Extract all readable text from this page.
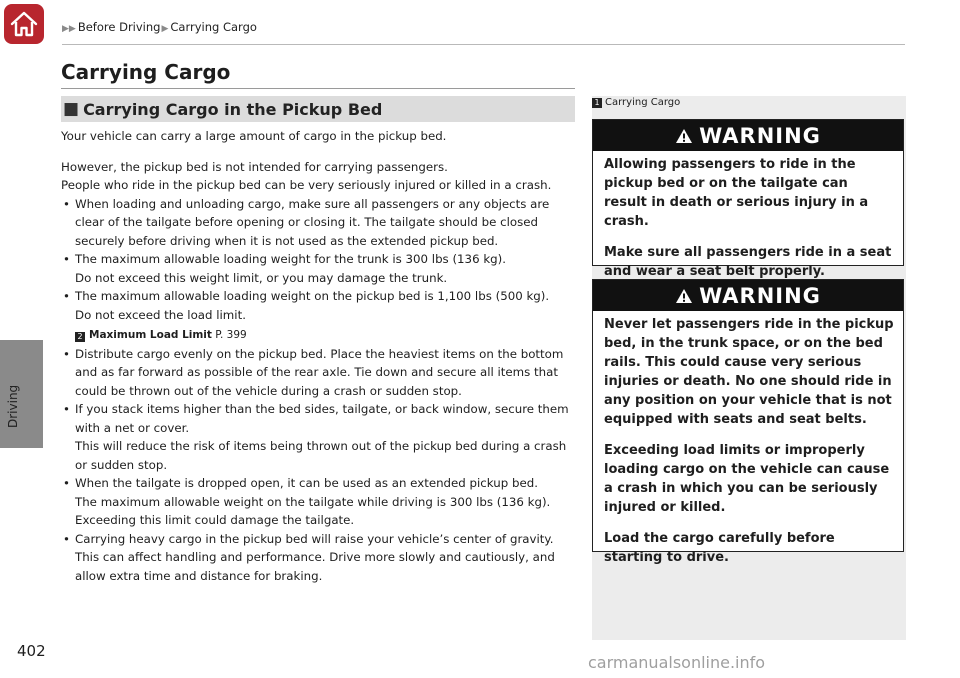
▶▶ Before Driving▶ Carrying Cargo
Driving
Carrying Cargo
■ Carrying Cargo in the Pickup Bed

Your vehicle can carry a large amount of cargo in the pickup bed.

However, the pickup bed is not intended for carrying passengers.

People who ride in the pickup bed can be very seriously injured or killed in a crash.

• When loading and unloading cargo, make sure all passengers or any objects are clear of the tailgate before opening or closing it. The tailgate should be closed securely before driving when it is not used as the extended pickup bed.
• The maximum allowable loading weight for the trunk is 300 lbs (136 kg).
Do not exceed this weight limit, or you may damage the trunk.
• The maximum allowable loading weight on the pickup bed is 1,100 lbs (500 kg).
Do not exceed the load limit.
2 Maximum Load Limit P. 399
• Distribute cargo evenly on the pickup bed. Place the heaviest items on the bottom and as far forward as possible of the rear axle. Tie down and secure all items that could be thrown out of the vehicle during a crash or sudden stop.
• If you stack items higher than the bed sides, tailgate, or back window, secure them with a net or cover.
This will reduce the risk of items being thrown out of the pickup bed during a crash or sudden stop.
• When the tailgate is dropped open, it can be used as an extended pickup bed.
The maximum allowable weight on the tailgate while driving is 300 lbs (136 kg).
Exceeding this limit could damage the tailgate.
• Carrying heavy cargo in the pickup bed will raise your vehicle’s center of gravity. This can affect handling and performance. Drive more slowly and cautiously, and allow extra time and distance for braking.
1 Carrying Cargo
WARNING

Allowing passengers to ride in the pickup bed or on the tailgate can result in death or serious injury in a crash.

Make sure all passengers ride in a seat and wear a seat belt properly.

WARNING

Never let passengers ride in the pickup bed, in the trunk space, or on the bed rails. This could cause very serious injuries or death. No one should ride in any position on your vehicle that is not equipped with seats and seat belts.

Exceeding load limits or improperly loading cargo on the vehicle can cause a crash in which you can be seriously injured or killed.

Load the cargo carefully before starting to drive.

402
carmanualsonline.info
